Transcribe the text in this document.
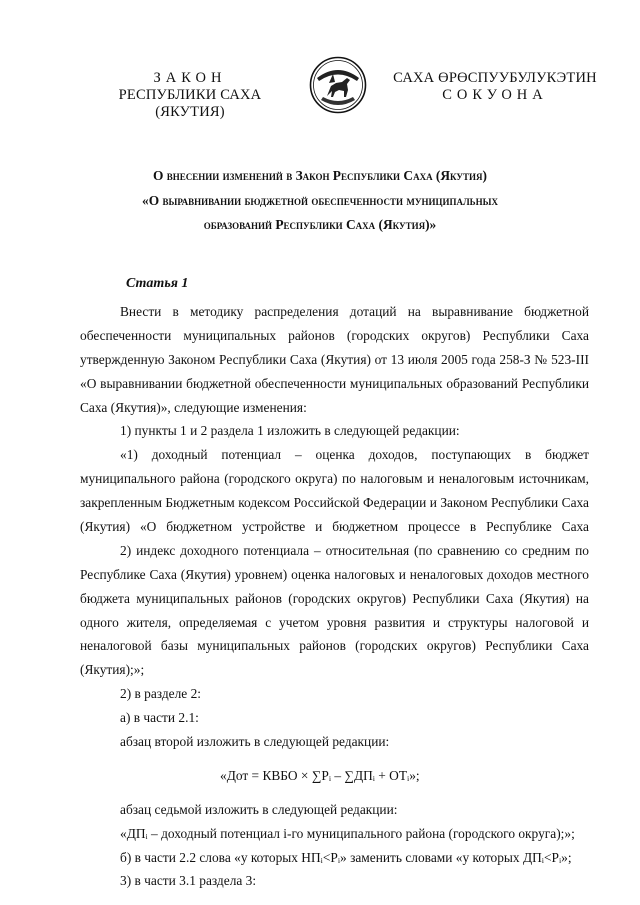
ЗАКОН
РЕСПУБЛИКИ САХА (ЯКУТИЯ)
САХА ӨРӨСПУУБУЛУКЭТИН
СОКУОНА
О внесении изменений в Закон Республики Саха (Якутия)
«О выравнивании бюджетной обеспеченности муниципальных
образований Республики Саха (Якутия)»
Статья 1
Внести в методику распределения дотаций на выравнивание бюджетной
обеспеченности муниципальных районов (городских округов) Республики Саха
утвержденную Законом Республики Саха (Якутия) от 13 июля 2005 года 258-З № 523-III
«О выравнивании бюджетной обеспеченности муниципальных образований Республики
Саха (Якутия)», следующие изменения:
1) пункты 1 и 2 раздела 1 изложить в следующей редакции:
«1) доходный потенциал – оценка доходов, поступающих в бюджет
муниципального района (городского округа) по налоговым и неналоговым источникам,
закрепленным Бюджетным кодексом Российской Федерации и Законом Республики Саха
(Якутия) «О бюджетном устройстве и бюджетном процессе в Республике Саха
2) индекс доходного потенциала – относительная (по сравнению со средним по
Республике Саха (Якутия) уровнем) оценка налоговых и неналоговых доходов местного
бюджета муниципальных районов (городских округов) Республики Саха (Якутия) на
одного жителя, определяемая с учетом уровня развития и структуры налоговой и
неналоговой базы муниципальных районов (городских округов) Республики Саха
(Якутия);»;
2) в разделе 2:
а) в части 2.1:
абзац второй изложить в следующей редакции:
«Дот = КВБО × ∑Pᵢ – ∑ДПᵢ + ОТᵢ»;
абзац седьмой изложить в следующей редакции:
«ДПᵢ – доходный потенциал i-го муниципального района (городского округа);»;
б) в части 2.2 слова «у которых НПᵢ<Pᵢ» заменить словами «у которых ДПᵢ<Pᵢ»;
3) в части 3.1 раздела 3:
